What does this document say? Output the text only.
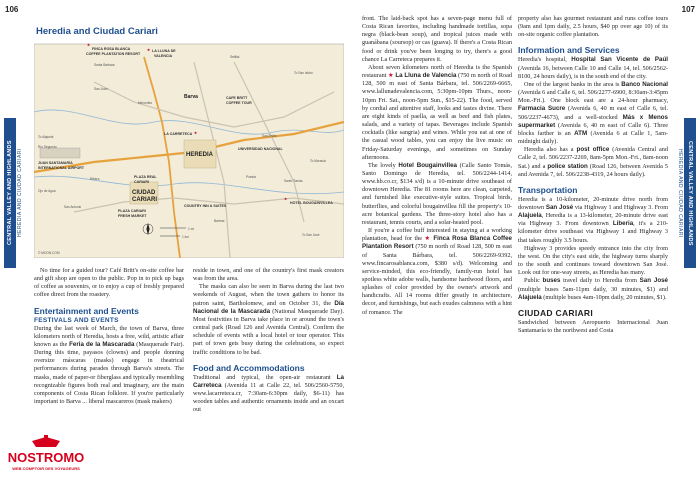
106	107
CENTRAL VALLEY AND HIGHLANDS HEREDIA AND CIUDAD CARIARI	CENTRAL VALLEY AND HIGHLANDS
HEREDIA AND CIUDAD CARIARI
Heredia and Ciudad Cariari
★
★
★
★
FINCA ROSA BLANCA
COFFEE PLANTATION RESORT
LA LLUNA DE
VALENCIA
Santa Bárbara
Setillal
San Juan
Mercedes
Barva	CAFE BRITT
COFFEE TOUR
To San Isidro
To Alajuela
Río Segundo
JUAN SANTAMARÍA
INTERNATIONAL AIRPORT
LA CARRETECA	San Pablo
HEREDIA
UNIVERSIDAD NACIONAL
Puesta
Ojo de Agua
Ribera	PLAZA REAL
CARIARI
CIUDAD
CARIARI
PLAZA CARIARI
FRESH MARKET
San Antonio
HOTEL BOUGAINVILLEA
COUNTRY INN & SUITES
Santo Tomás
To San José
To Moravia
Barreal
1 mi
1 km
© MOON.COM

No time for a guided tour? Café Britt's on-site coffee bar and gift shop are open to the public. Pop in to pick up bags of coffee as souvenirs, or to enjoy a cup of freshly prepared coffee direct from the roastery.

Entertainment and Events
FESTIVALS AND EVENTS

During the last week of March, the town of Barva, three kilometers north of Heredia, hosts a free, wild, artistic affair known as the Feria de la Mascarada (Masquerade Fair). During this time, payasos (clowns) and people donning oversize máscaras (masks) engage in theatrical performances during parades through Barva's streets. The masks, made of paper-or fiberglass and typically resembling recognizable figures both real and imaginary, are the main components of Costa Rican folklore. If you're particularly important to Barva ... liberal mascareros (mask makers)

reside in town, and one of the country's first mask creators was from the area.

The masks can also be seen in Barva during the last two weekends of August, when the town gathers to honor its patron saint, Bartholomew, and on October 31, the Día Nacional de la Mascarada (National Masquerade Day). Most festivities in Barva take place in or around the town's central park (Road 126 and Avenida Central). Confirm the schedule of events with a local hotel or tour operator. This part of town gets busy during the celebrations, so expect traffic conditions to be bad.

Food and Accommodations

Traditional and typical, the open-air restaurant La Carreteca (Avenida 11 at Calle 22, tel. 506/2560-5750, www.lacarreteca.cr, 7:30am-6:30pm daily, $6-11) has wooden tables and authentic ornaments inside and an oxcart out

front. The laid-back spot has a seven-page menu full of Costa Rican favorites, including handmade tortillas, sopa negra (black-bean soup), and tropical juices made with guanábana (soursop) or cas (guava). If there's a Costa Rican food or drink you've been longing to try, there's a good chance La Carreteca prepares it.

About seven kilometers north of Heredia is the Spanish restaurant ★ La Lluna de Valencia (750 m north of Road 128, 500 m east of Santa Bárbara, tel. 506/2269-6665, www.lallunadevalencia.com, 5:30pm-10pm Thurs., noon-10pm Fri. Sat., noon-5pm Sun., $15-22). The food, served by cordial and attentive staff, looks and tastes divine. There are eight kinds of paella, as well as beef and fish plates, salads, and a variety of tapas. Beverages include Spanish cocktails (like sangria) and wines. While you eat at one of the casual wood tables, you can enjoy the live music on Friday-Saturday evenings, and sometimes on Sunday afternoons.

The lovely Hotel Bougainvillea (Calle Santo Tomás, Santo Domingo de Heredia, tel. 506/2244-1414, www.hb.co.cr, $134 s/d) is a 10-minute drive southeast of downtown Heredia. The 81 rooms here are clean, carpeted, and furnished like executive-style suites. Tropical birds, butterflies, and colorful bougainvillea fill the property's 10-acre botanical gardens. The three-story hotel also has a restaurant, tennis courts, and a solar-heated pool.

If you're a coffee buff interested in staying at a working plantation, head for the ★ Finca Rosa Blanca Coffee Plantation Resort (750 m north of Road 128, 500 m east of Santa Bárbara, tel. 506/2269-9392, www.fincarosablanca.com, $380 s/d). Welcoming and service-minded, this eco-friendly, family-run hotel has spotless white adobe walls, handsome hardwood floors, and splashes of color provided by the owner's artwork and handicrafts. All 14 rooms differ greatly in architecture, decor, and furnishings, but each exudes calmness with a hint of romance. The

property also has gourmet restaurant and runs coffee tours (9am and 1pm daily, 2.5 hours, $40 pp over age 10) of its on-site organic coffee plantation.

Information and Services

Heredia's hospital, Hospital San Vicente de Paúl (Avenida 16, between Calle 10 and Calle 14, tel. 506/2562-8100, 24 hours daily), is in the south end of the city.

One of the largest banks in the area is Banco Nacional (Avenida 6 and Calle 6, tel. 506/2277-6900, 8:30am-3:45pm Mon.-Fri.). One block east are a 24-hour pharmacy, Farmacia Sucre (Avenida 6, 40 m east of Calle 6, tel. 506/2237-4673), and a well-stocked Más x Menos supermarket (Avenida 6, 40 m east of Calle 6). Three blocks farther is an ATM (Avenida 6 at Calle 1, 5am-midnight daily).

Heredia also has a post office (Avenida Central and Calle 2, tel. 506/2237-2269, 8am-5pm Mon.-Fri., 8am-noon Sat.) and a police station (Road 126, between Avenida 5 and Avenida 7, tel. 506/2238-4319, 24 hours daily).

Transportation

Heredia is a 10-kilometer, 20-minute drive north from downtown San José via Highway 1 and Highway 3. From Alajuela, Heredia is a 13-kilometer, 20-minute drive east via Highway 3. From downtown Liberia, it's a 210-kilometer drive southeast via Highway 1 and Highway 3 that takes roughly 3.5 hours.

Highway 3 provides speedy entrance into the city from the west. On the city's east side, the highway turns sharply to the south and continues toward downtown San José. Look out for one-way streets, as Heredia has many.

Public buses travel daily to Heredia from San José (multiple buses 5am-11pm daily, 30 minutes, $1) and Alajuela (multiple buses 4am-10pm daily, 20 minutes, $1).

CIUDAD CARIARI

Sandwiched between Aeropuerto Internacional Juan Santamaría to the northwest and Costa

NOSTROMO
WEB COMPTOIR DES VOYAGEURS
